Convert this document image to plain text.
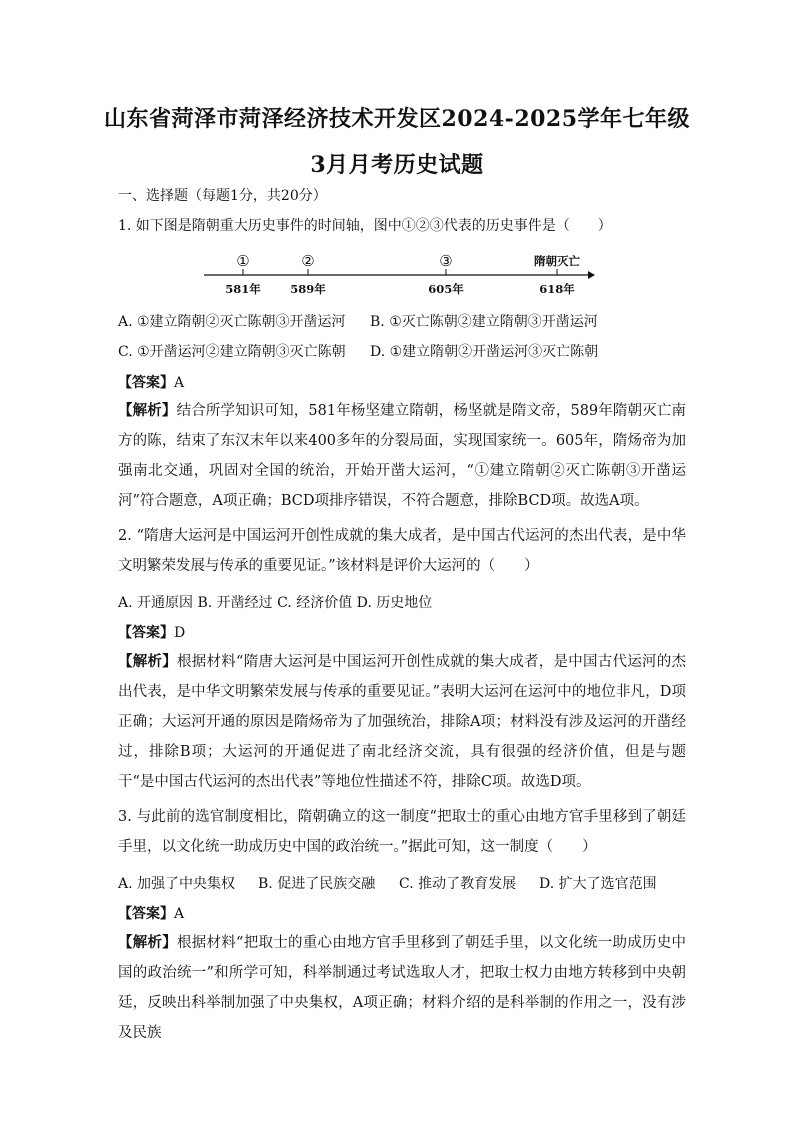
山东省菏泽市菏泽经济技术开发区2024-2025学年七年级
3月月考历史试题
一、选择题（每题1分，共20分）
1. 如下图是隋朝重大历史事件的时间轴，图中①②③代表的历史事件是（　　）
①	②	③	隋朝灭亡
581年	589年	605年	618年
A. ①建立隋朝②灭亡陈朝③开凿运河 B. ①灭亡陈朝②建立隋朝③开凿运河
C. ①开凿运河②建立隋朝③灭亡陈朝 D. ①建立隋朝②开凿运河③灭亡陈朝
【答案】A
【解析】结合所学知识可知，581年杨坚建立隋朝，杨坚就是隋文帝，589年隋朝灭亡南方的陈，结束了东汉末年以来400多年的分裂局面，实现国家统一。605年，隋炀帝为加强南北交通，巩固对全国的统治，开始开凿大运河，“①建立隋朝②灭亡陈朝③开凿运河”符合题意，A项正确；BCD项排序错误，不符合题意，排除BCD项。故选A项。
2. “隋唐大运河是中国运河开创性成就的集大成者，是中国古代运河的杰出代表，是中华文明繁荣发展与传承的重要见证。”该材料是评价大运河的（　　）
A. 开通原因 B. 开凿经过 C. 经济价值 D. 历史地位
【答案】D
【解析】根据材料“隋唐大运河是中国运河开创性成就的集大成者，是中国古代运河的杰出代表，是中华文明繁荣发展与传承的重要见证。”表明大运河在运河中的地位非凡，D项正确；大运河开通的原因是隋炀帝为了加强统治，排除A项；材料没有涉及运河的开凿经过，排除B项；大运河的开通促进了南北经济交流，具有很强的经济价值，但是与题干“是中国古代运河的杰出代表”等地位性描述不符，排除C项。故选D项。
3. 与此前的选官制度相比，隋朝确立的这一制度“把取士的重心由地方官手里移到了朝廷手里，以文化统一助成历史中国的政治统一。”据此可知，这一制度（　　）
A. 加强了中央集权 B. 促进了民族交融 C. 推动了教育发展 D. 扩大了选官范围
【答案】A
【解析】根据材料“把取士的重心由地方官手里移到了朝廷手里，以文化统一助成历史中国的政治统一”和所学可知，科举制通过考试选取人才，把取士权力由地方转移到中央朝廷，反映出科举制加强了中央集权，A项正确；材料介绍的是科举制的作用之一，没有涉及民族
